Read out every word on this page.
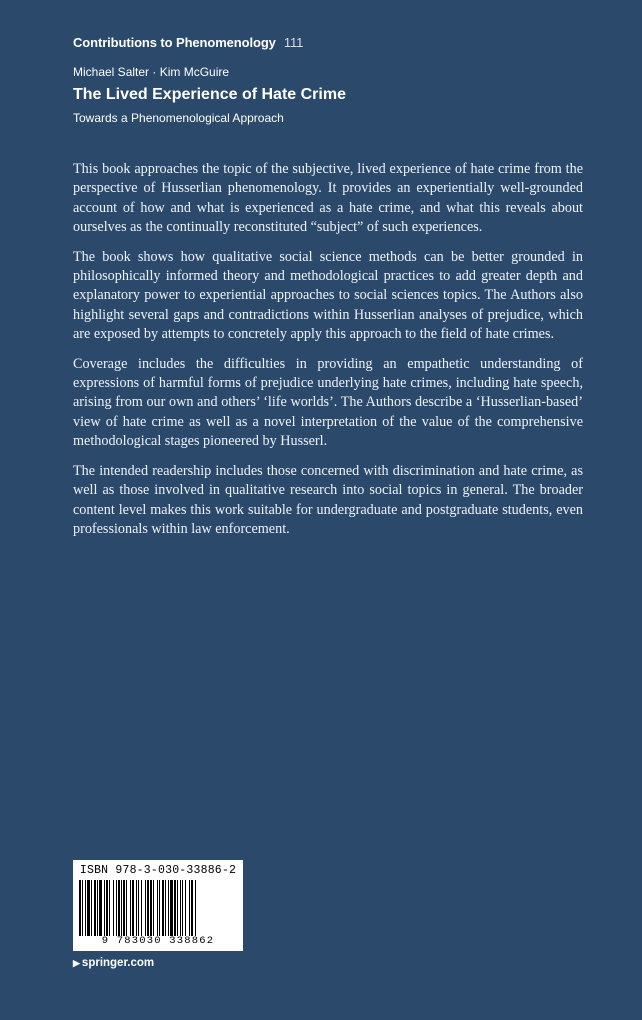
Contributions to Phenomenology 111
Michael Salter · Kim McGuire
The Lived Experience of Hate Crime
Towards a Phenomenological Approach

This book approaches the topic of the subjective, lived experience of hate crime from the perspective of Husserlian phenomenology. It provides an experientially well-grounded account of how and what is experienced as a hate crime, and what this reveals about ourselves as the continually reconstituted “subject” of such experiences.

The book shows how qualitative social science methods can be better grounded in philosophically informed theory and methodological practices to add greater depth and explanatory power to experiential approaches to social sciences topics. The Authors also highlight several gaps and contradictions within Husserlian analyses of prejudice, which are exposed by attempts to concretely apply this approach to the field of hate crimes.

Coverage includes the difficulties in providing an empathetic understanding of expressions of harmful forms of prejudice underlying hate crimes, including hate speech, arising from our own and others’ ‘life worlds’. The Authors describe a ‘Husserlian-based’ view of hate crime as well as a novel interpretation of the value of the comprehensive methodological stages pioneered by Husserl.

The intended readership includes those concerned with discrimination and hate crime, as well as those involved in qualitative research into social topics in general. The broader content level makes this work suitable for undergraduate and postgraduate students, even professionals within law enforcement.

ISBN 978-3-030-33886-2
9 783030 338862
▶ springer.com
